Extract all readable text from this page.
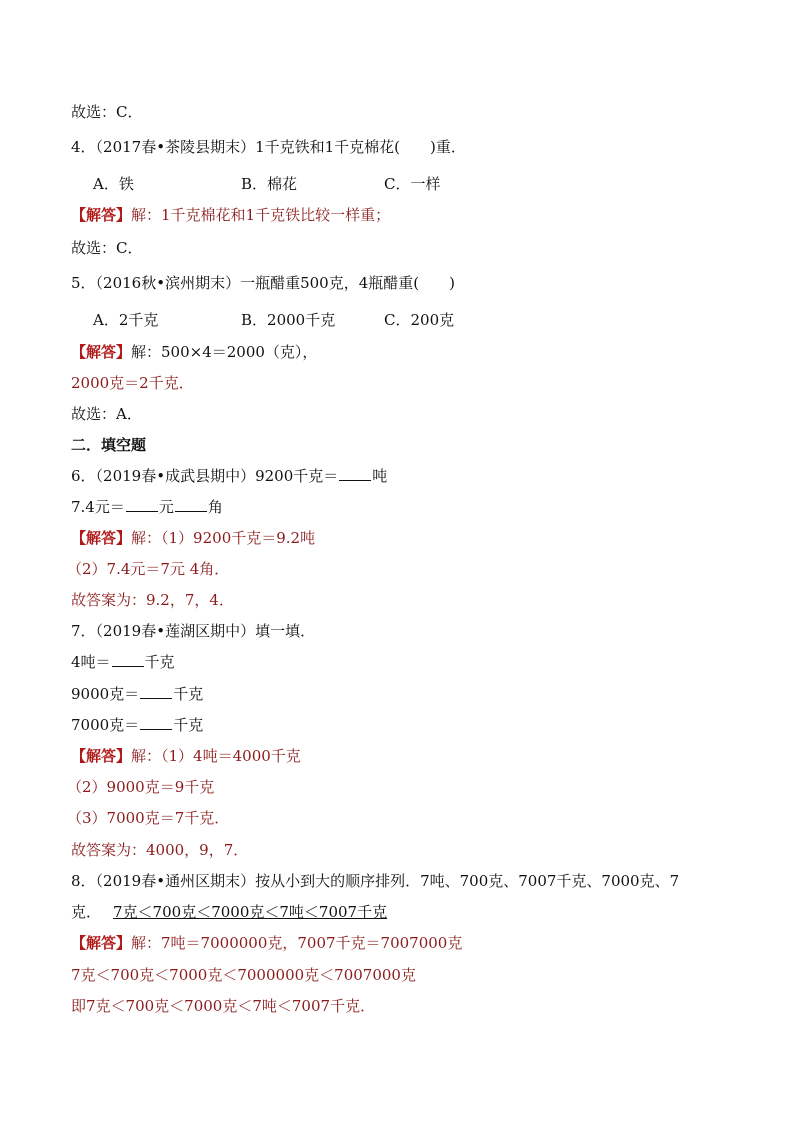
故选：C．
4．（2017春•茶陵县期末）1千克铁和1千克棉花(　　)重．
A．铁	B．棉花	C．一样
【解答】解：1千克棉花和1千克铁比较一样重；
故选：C．
5．（2016秋•滨州期末）一瓶醋重500克，4瓶醋重(　　)
A．2千克	B．2000千克	C．200克
【解答】解：500×4＝2000（克），
2000克＝2千克．
故选：A．
二．填空题
6．（2019春•成武县期中）9200千克＝ 吨
7.4元＝ 元 角
【解答】解：（1）9200千克＝9.2吨
（2）7.4元＝7元 4角．
故答案为：9.2，7，4．
7．（2019春•莲湖区期中）填一填．
4吨＝ 千克
9000克＝ 千克
7000克＝ 千克
【解答】解：（1）4吨＝4000千克
（2）9000克＝9千克
（3）7000克＝7千克．
故答案为：4000，9，7．
8．（2019春•通州区期末）按从小到大的顺序排列．7吨、700克、7007千克、7000克、7
克． 7克＜700克＜7000克＜7吨＜7007千克
【解答】解：7吨＝7000000克，7007千克＝7007000克
7克＜700克＜7000克＜7000000克＜7007000克
即7克＜700克＜7000克＜7吨＜7007千克．
